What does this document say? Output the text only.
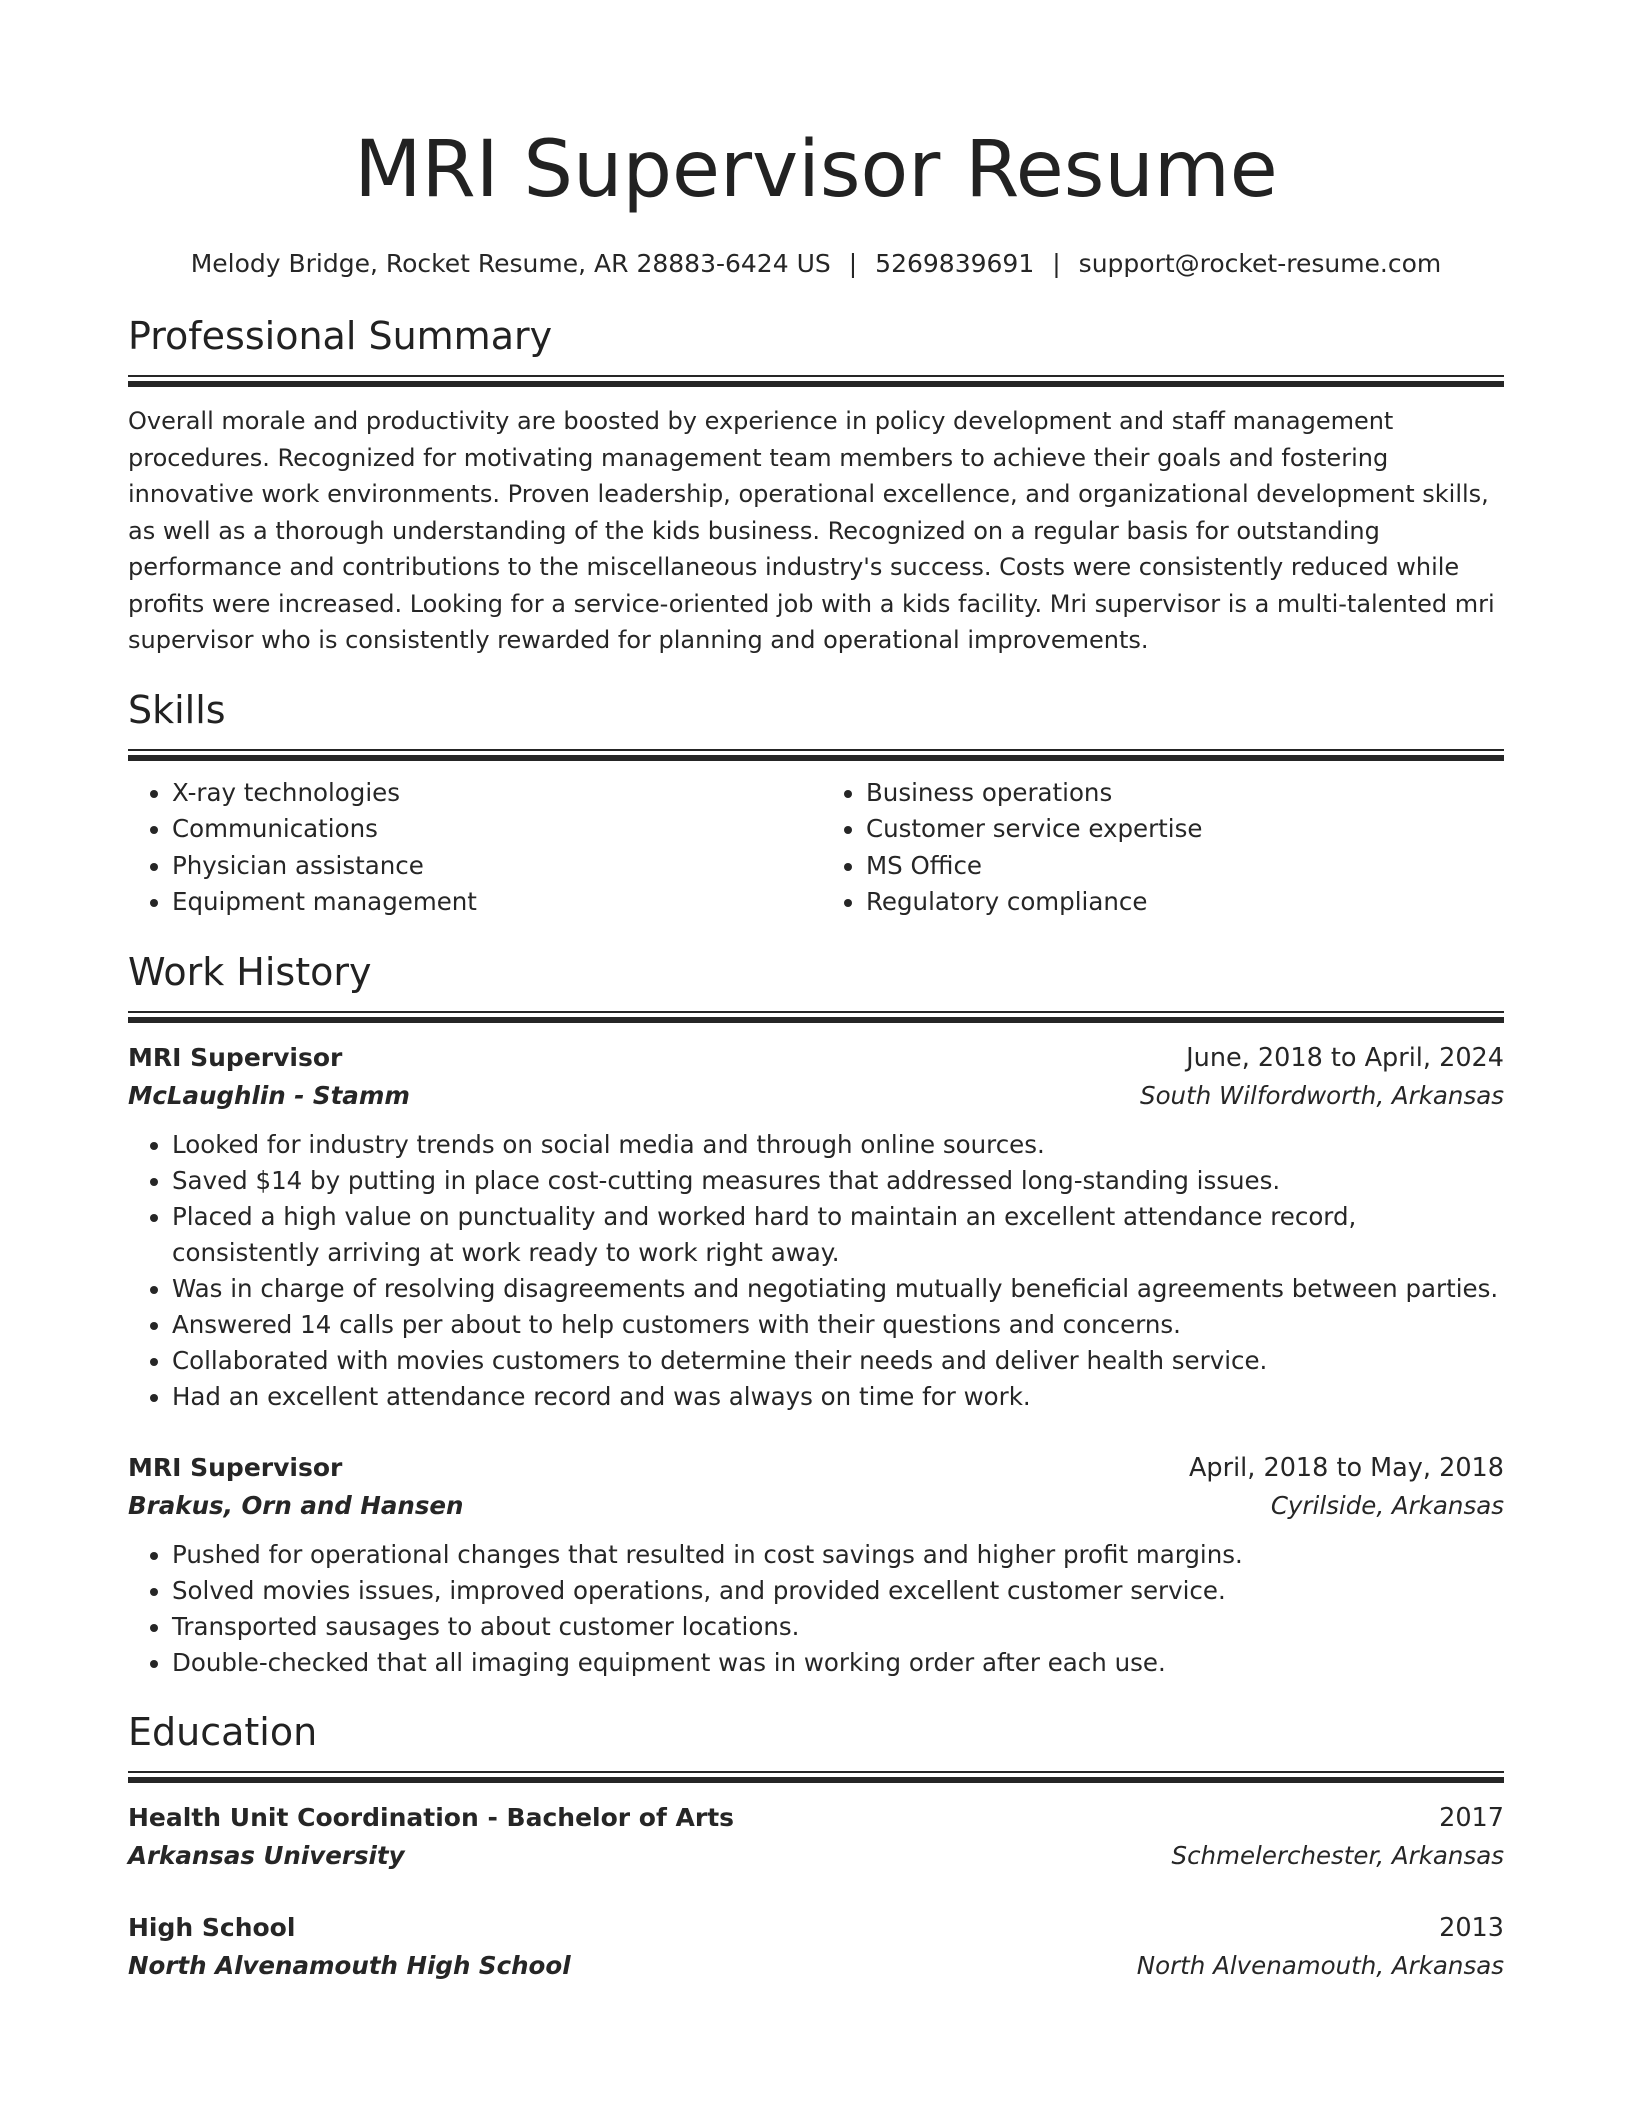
MRI Supervisor Resume
Melody Bridge, Rocket Resume, AR 28883-6424 US | 5269839691 | support@rocket-resume.com
Professional Summary
Overall morale and productivity are boosted by experience in policy development and staff management procedures. Recognized for motivating management team members to achieve their goals and fostering innovative work environments. Proven leadership, operational excellence, and organizational development skills, as well as a thorough understanding of the kids business. Recognized on a regular basis for outstanding performance and contributions to the miscellaneous industry's success. Costs were consistently reduced while profits were increased. Looking for a service-oriented job with a kids facility. Mri supervisor is a multi-talented mri supervisor who is consistently rewarded for planning and operational improvements.
Skills
• X-ray technologies
• Communications
• Physician assistance
• Equipment management
• Business operations
• Customer service expertise
• MS Office
• Regulatory compliance
Work History
MRI Supervisor	June, 2018 to April, 2024
McLaughlin - Stamm	South Wilfordworth, Arkansas
• Looked for industry trends on social media and through online sources.
• Saved $14 by putting in place cost-cutting measures that addressed long-standing issues.
• Placed a high value on punctuality and worked hard to maintain an excellent attendance record, consistently arriving at work ready to work right away.
• Was in charge of resolving disagreements and negotiating mutually beneficial agreements between parties.
• Answered 14 calls per about to help customers with their questions and concerns.
• Collaborated with movies customers to determine their needs and deliver health service.
• Had an excellent attendance record and was always on time for work.
MRI Supervisor	April, 2018 to May, 2018
Brakus, Orn and Hansen	Cyrilside, Arkansas
• Pushed for operational changes that resulted in cost savings and higher profit margins.
• Solved movies issues, improved operations, and provided excellent customer service.
• Transported sausages to about customer locations.
• Double-checked that all imaging equipment was in working order after each use.
Education
Health Unit Coordination - Bachelor of Arts	2017
Arkansas University	Schmelerchester, Arkansas
High School	2013
North Alvenamouth High School	North Alvenamouth, Arkansas
